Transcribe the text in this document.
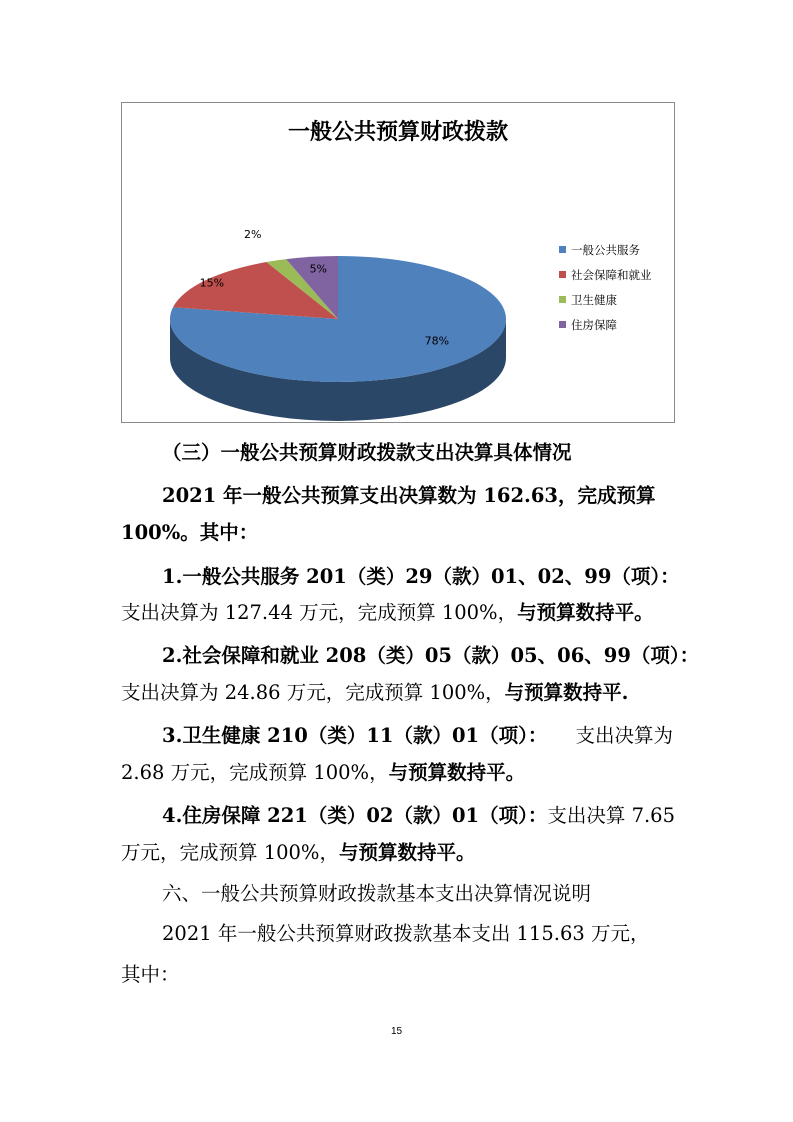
一般公共预算财政拨款
78%
15%
2%
5%
一般公共服务
社会保障和就业
卫生健康
住房保障
（三）一般公共预算财政拨款支出决算具体情况
2021 年一般公共预算支出决算数为 162.63，完成预算
100%。其中：
1.一般公共服务 201（类）29（款）01、02、99（项）：
支出决算为 127.44 万元，完成预算 100%，与预算数持平。
2.社会保障和就业 208（类）05（款）05、06、99（项）：
支出决算为 24.86 万元，完成预算 100%，与预算数持平.
3.卫生健康 210（类）11（款）01（项）： 支出决算为
2.68 万元，完成预算 100%，与预算数持平。
4.住房保障 221（类）02（款）01（项）： 支出决算 7.65
万元，完成预算 100%，与预算数持平。
六、一般公共预算财政拨款基本支出决算情况说明
2021 年一般公共预算财政拨款基本支出 115.63 万元，
其中：
15
